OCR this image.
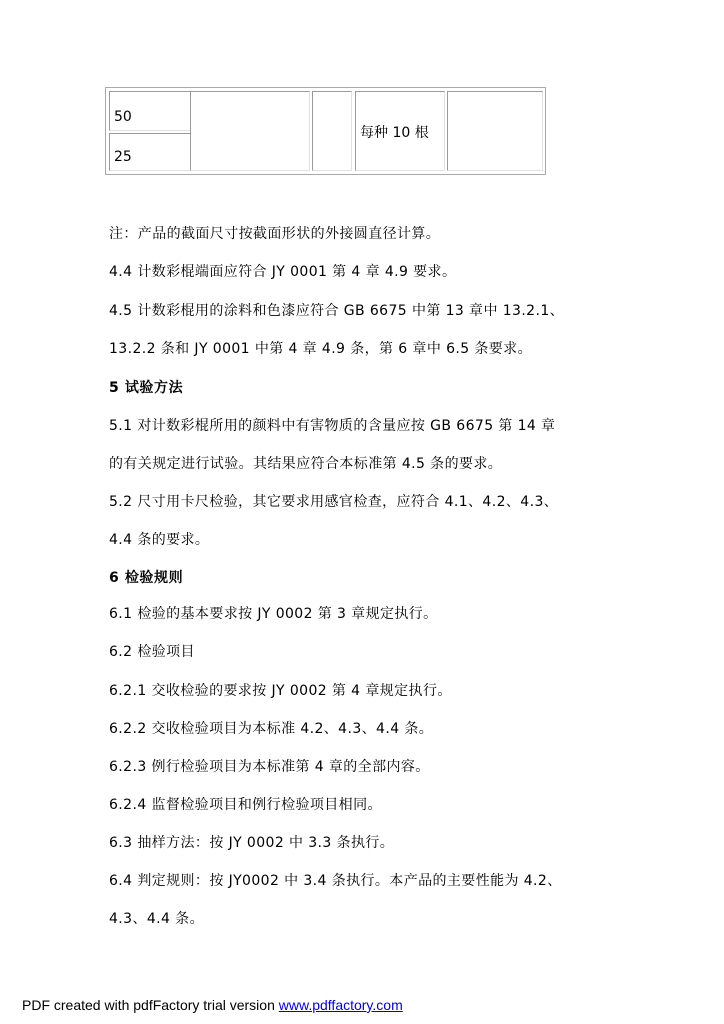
50
25
每种 10 根
注：产品的截面尺寸按截面形状的外接圆直径计算。
4.4 计数彩棍端面应符合 JY 0001 第 4 章 4.9 要求。
4.5 计数彩棍用的涂料和色漆应符合 GB 6675 中第 13 章中 13.2.1、
13.2.2 条和 JY 0001 中第 4 章 4.9 条，第 6 章中 6.5 条要求。
5 试验方法
5.1 对计数彩棍所用的颜料中有害物质的含量应按 GB 6675 第 14 章
的有关规定进行试验。其结果应符合本标准第 4.5 条的要求。
5.2 尺寸用卡尺检验，其它要求用感官检查，应符合 4.1、4.2、4.3、
4.4 条的要求。
6 检验规则
6.1 检验的基本要求按 JY 0002 第 3 章规定执行。
6.2 检验项目
6.2.1 交收检验的要求按 JY 0002 第 4 章规定执行。
6.2.2 交收检验项目为本标准 4.2、4.3、4.4 条。
6.2.3 例行检验项目为本标准第 4 章的全部内容。
6.2.4 监督检验项目和例行检验项目相同。
6.3 抽样方法：按 JY 0002 中 3.3 条执行。
6.4 判定规则：按 JY0002 中 3.4 条执行。本产品的主要性能为 4.2、
4.3、4.4 条。
PDF created with pdfFactory trial version www.pdffactory.com
